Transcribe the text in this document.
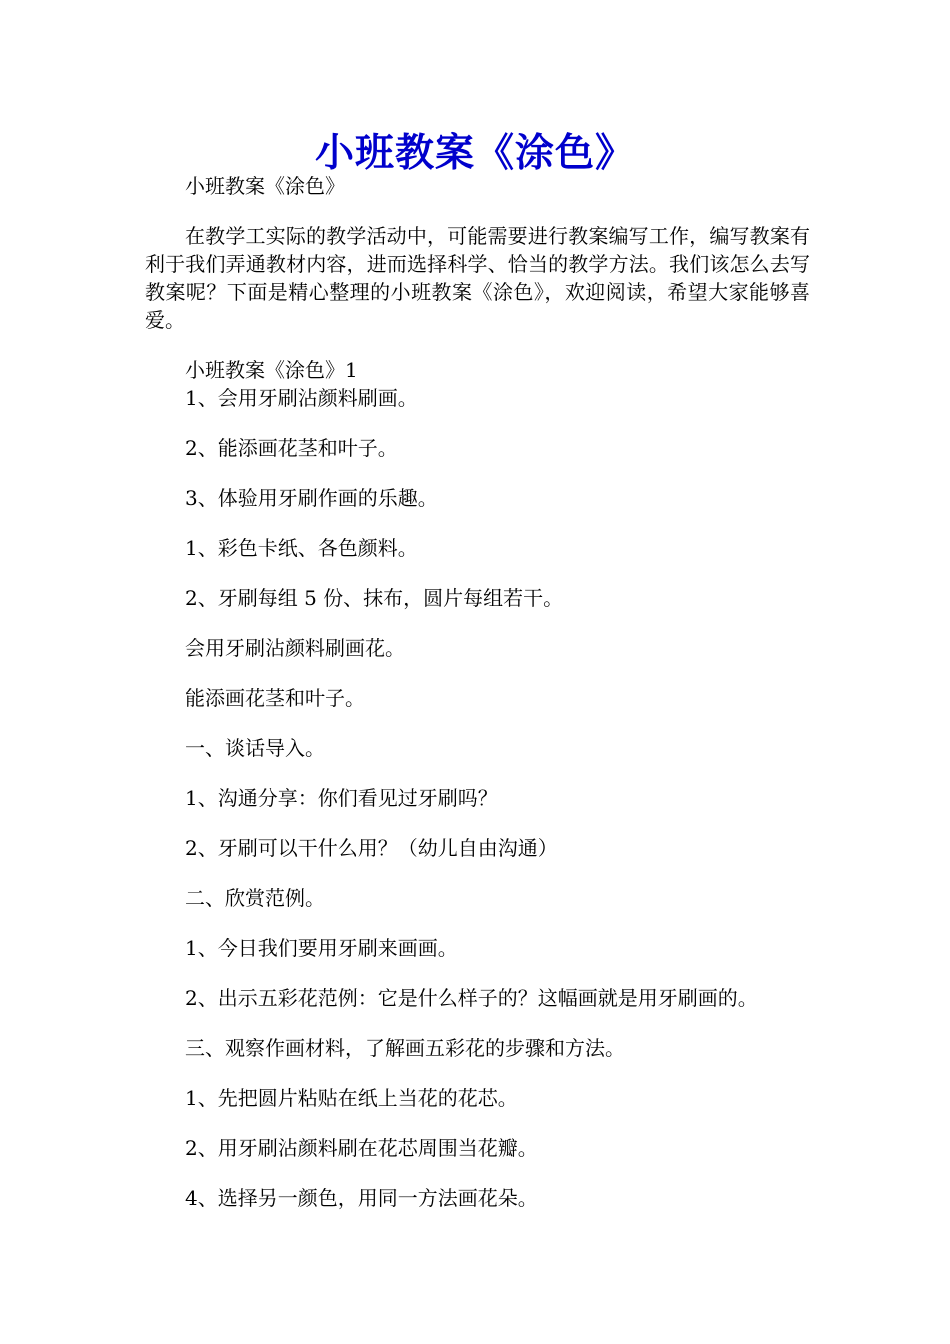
小班教案《涂色》

小班教案《涂色》

在教学工实际的教学活动中，可能需要进行教案编写工作，编写教案有利于我们弄通教材内容，进而选择科学、恰当的教学方法。我们该怎么去写教案呢？下面是精心整理的小班教案《涂色》，欢迎阅读，希望大家能够喜爱。

小班教案《涂色》1

1、会用牙刷沾颜料刷画。

2、能添画花茎和叶子。

3、体验用牙刷作画的乐趣。

1、彩色卡纸、各色颜料。

2、牙刷每组 5 份、抹布，圆片每组若干。

会用牙刷沾颜料刷画花。

能添画花茎和叶子。

一、谈话导入。

1、沟通分享：你们看见过牙刷吗？

2、牙刷可以干什么用？（幼儿自由沟通）

二、欣赏范例。

1、今日我们要用牙刷来画画。

2、出示五彩花范例：它是什么样子的？这幅画就是用牙刷画的。

三、观察作画材料，了解画五彩花的步骤和方法。

1、先把圆片粘贴在纸上当花的花芯。

2、用牙刷沾颜料刷在花芯周围当花瓣。

4、选择另一颜色，用同一方法画花朵。
